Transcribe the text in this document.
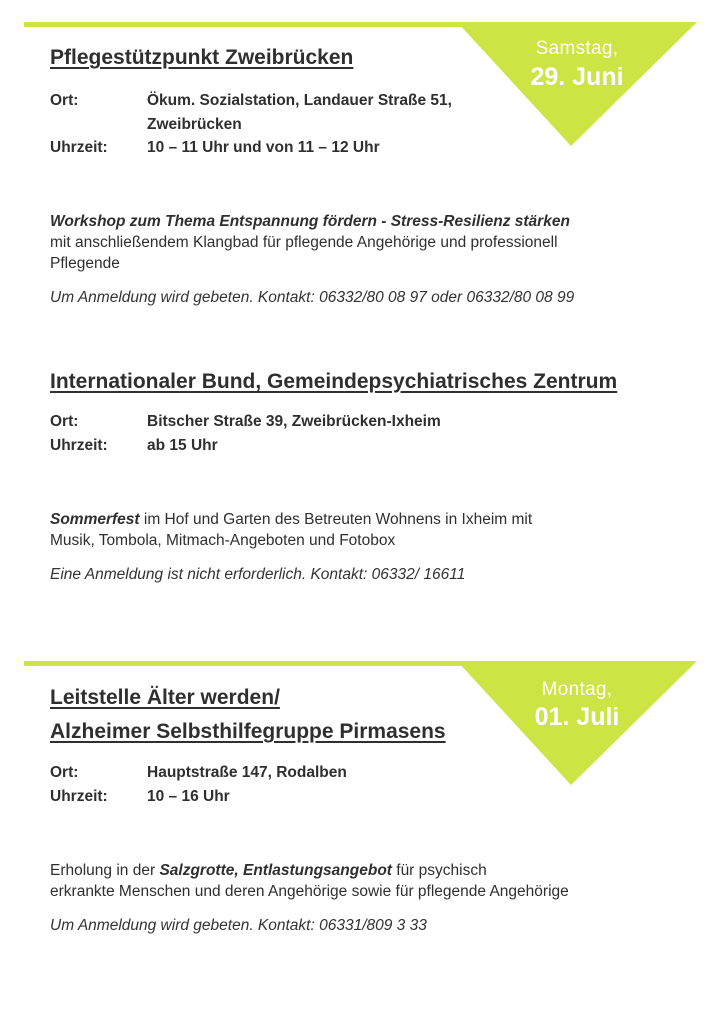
Samstag,
29. Juni
Pflegestützpunkt Zweibrücken
Ort:	Ökum. Sozialstation, Landauer Straße 51,
Zweibrücken
Uhrzeit:	10 – 11 Uhr und von 11 – 12 Uhr
Workshop zum Thema Entspannung fördern - Stress-Resilienz stärken
mit anschließendem Klangbad für pflegende Angehörige und professionell
Pflegende
Um Anmeldung wird gebeten. Kontakt: 06332/80 08 97 oder 06332/80 08 99
Internationaler Bund, Gemeindepsychiatrisches Zentrum
Ort:	Bitscher Straße 39, Zweibrücken-Ixheim
Uhrzeit:	ab 15 Uhr
Sommerfest im Hof und Garten des Betreuten Wohnens in Ixheim mit
Musik, Tombola, Mitmach-Angeboten und Fotobox
Eine Anmeldung ist nicht erforderlich. Kontakt: 06332/ 16611
Montag,
01. Juli
Leitstelle Älter werden/
Alzheimer Selbsthilfegruppe Pirmasens
Ort:	Hauptstraße 147, Rodalben
Uhrzeit:	10 – 16 Uhr
Erholung in der Salzgrotte, Entlastungsangebot für psychisch
erkrankte Menschen und deren Angehörige sowie für pflegende Angehörige
Um Anmeldung wird gebeten. Kontakt: 06331/809 3 33
